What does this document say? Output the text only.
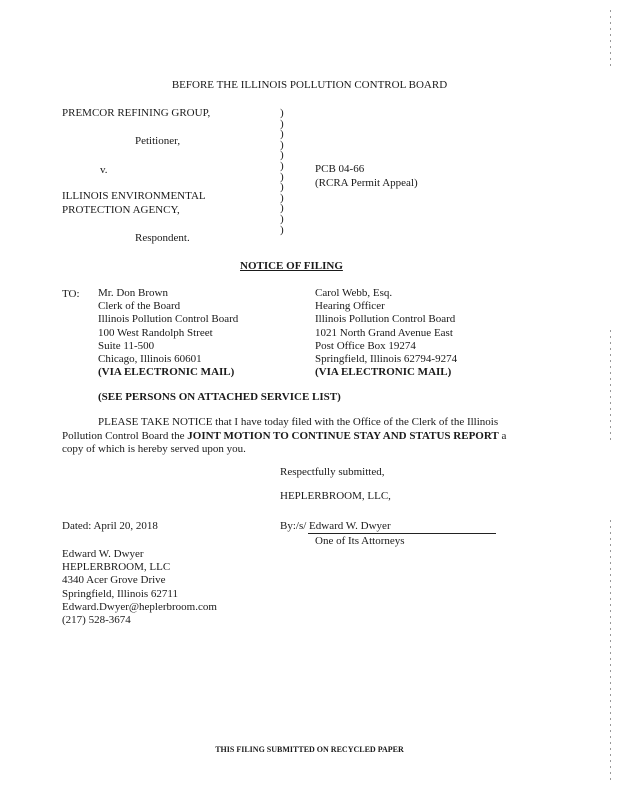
BEFORE THE ILLINOIS POLLUTION CONTROL BOARD
PREMCOR REFINING GROUP,
Petitioner,
v.
ILLINOIS ENVIRONMENTAL
PROTECTION AGENCY,
Respondent.
)
)
)
)
)
)
)
)
)
)
)
)
PCB 04-66
(RCRA Permit Appeal)
NOTICE OF FILING
TO: Mr. Don Brown
Clerk of the Board
Illinois Pollution Control Board
100 West Randolph Street
Suite 11-500
Chicago, Illinois 60601
(VIA ELECTRONIC MAIL)
Carol Webb, Esq.
Hearing Officer
Illinois Pollution Control Board
1021 North Grand Avenue East
Post Office Box 19274
Springfield, Illinois 62794-9274
(VIA ELECTRONIC MAIL)
(SEE PERSONS ON ATTACHED SERVICE LIST)
PLEASE TAKE NOTICE that I have today filed with the Office of the Clerk of the Illinois Pollution Control Board the JOINT MOTION TO CONTINUE STAY AND STATUS REPORT a copy of which is hereby served upon you.
Respectfully submitted,
HEPLERBROOM, LLC,
Dated: April 20, 2018	By:/s/ Edward W. Dwyer
One of Its Attorneys
Edward W. Dwyer
HEPLERBROOM, LLC
4340 Acer Grove Drive
Springfield, Illinois 62711
Edward.Dwyer@heplerbroom.com
(217) 528-3674
THIS FILING SUBMITTED ON RECYCLED PAPER
